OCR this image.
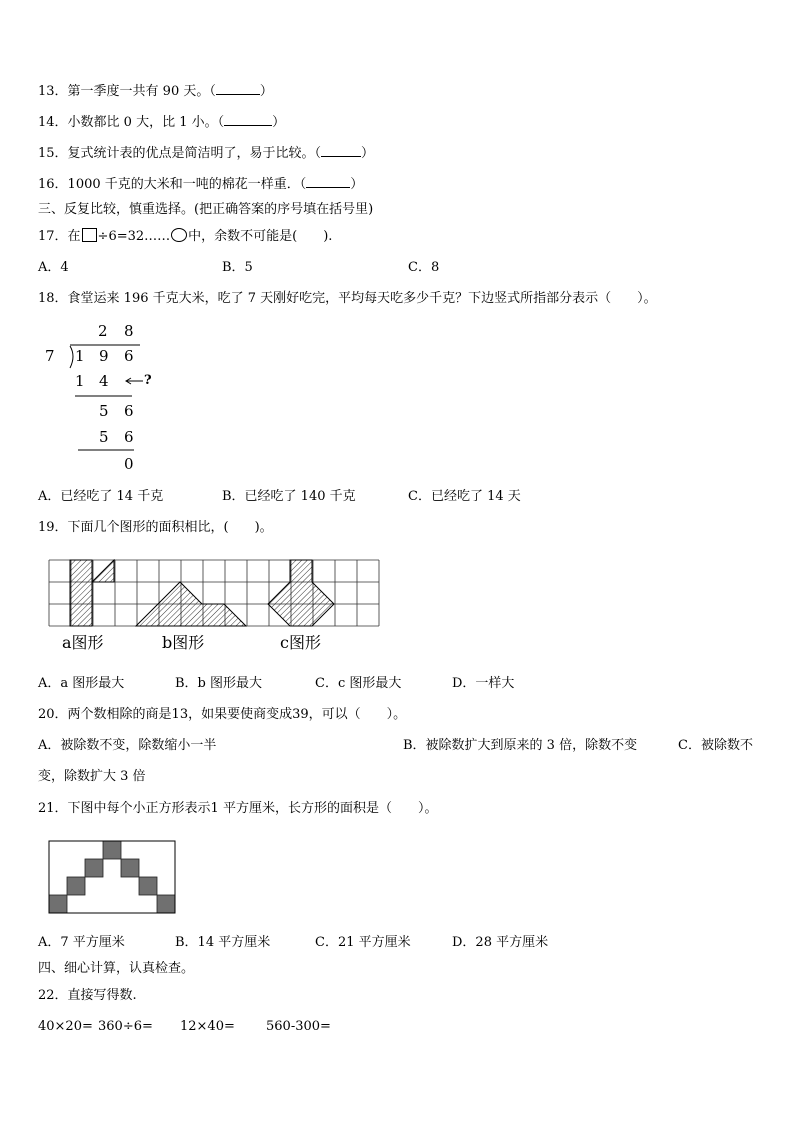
13．第一季度一共有 90 天。（	）
14．小数都比 0 大，比 1 小。（	）
15．复式统计表的优点是简洁明了，易于比较。（	）
16．1000 千克的大米和一吨的棉花一样重．（	）
三、反复比较，慎重选择。(把正确答案的序号填在括号里)
17．在 ÷6=32…… 中，余数不可能是(　　).
A．4	B．5	C．8
18．食堂运来 196 千克大米，吃了 7 天刚好吃完，平均每天吃多少千克？下边竖式所指部分表示（　　）。
2 8
7 1 9 6
1 4	?
5 6
5 6
0
A．已经吃了 14 千克	B．已经吃了 140 千克	C．已经吃了 14 天
19．下面几个图形的面积相比，(　　)。
a图形	b图形	c图形
A．a 图形最大	B．b 图形最大	C．c 图形最大	D．一样大
20．两个数相除的商是13，如果要使商变成39，可以（　　）。
A．被除数不变，除数缩小一半	B．被除数扩大到原来的 3 倍，除数不变	C．被除数不
变，除数扩大 3 倍
21．下图中每个小正方形表示1 平方厘米，长方形的面积是（　　）。
A．7 平方厘米	B．14 平方厘米	C．21 平方厘米	D．28 平方厘米
四、细心计算，认真检查。
22．直接写得数.
40×20= 360÷6= 12×40= 560-300=
